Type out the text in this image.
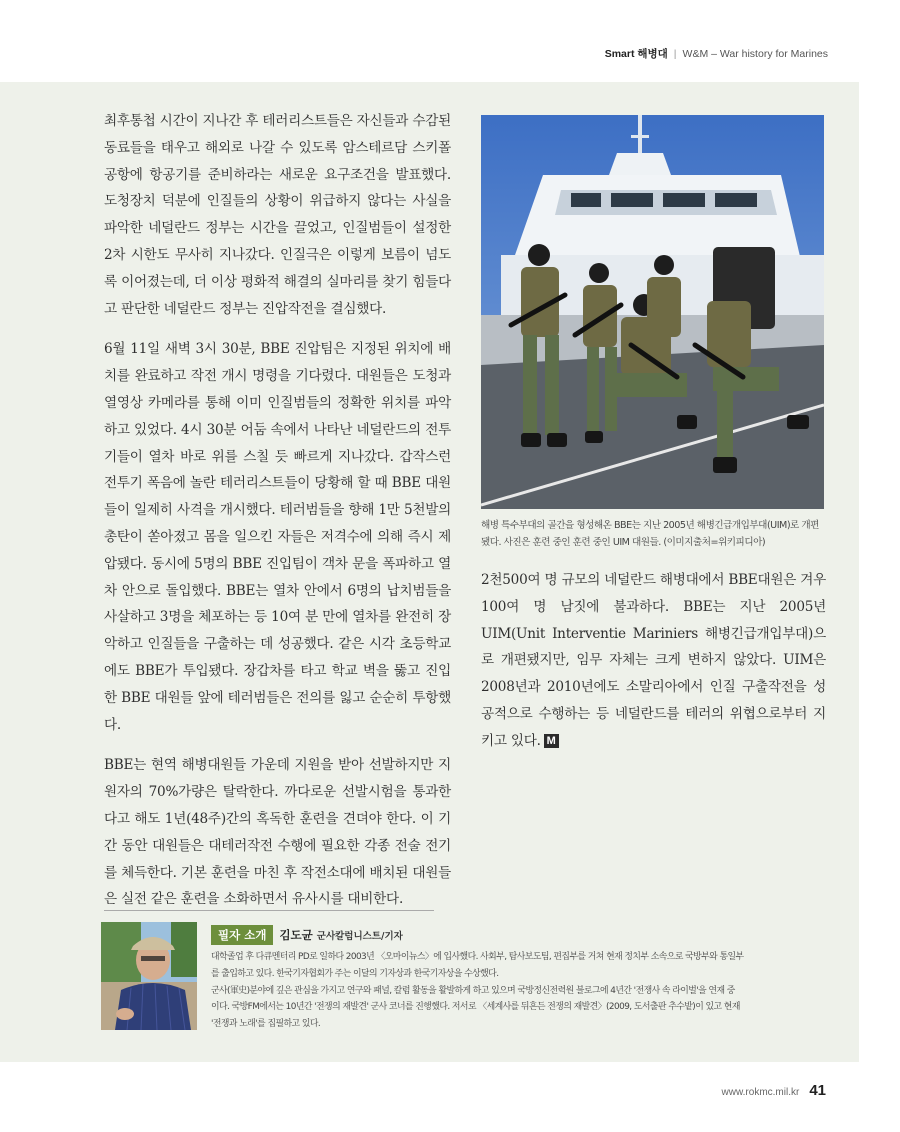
Smart 해병대 | W&M – War history for Marines

최후통첩 시간이 지나간 후 테러리스트들은 자신들과 수감된 동료들을 태우고 해외로 나갈 수 있도록 암스테르담 스키폴 공항에 항공기를 준비하라는 새로운 요구조건을 발표했다. 도청장치 덕분에 인질들의 상황이 위급하지 않다는 사실을 파악한 네덜란드 정부는 시간을 끌었고, 인질범들이 설정한 2차 시한도 무사히 지나갔다. 인질극은 이렇게 보름이 넘도록 이어졌는데, 더 이상 평화적 해결의 실마리를 찾기 힘들다고 판단한 네덜란드 정부는 진압작전을 결심했다.

6월 11일 새벽 3시 30분, BBE 진압팀은 지정된 위치에 배치를 완료하고 작전 개시 명령을 기다렸다. 대원들은 도청과 열영상 카메라를 통해 이미 인질범들의 정확한 위치를 파악하고 있었다. 4시 30분 어둠 속에서 나타난 네덜란드의 전투기들이 열차 바로 위를 스칠 듯 빠르게 지나갔다. 갑작스런 전투기 폭음에 놀란 테러리스트들이 당황해 할 때 BBE 대원들이 일제히 사격을 개시했다. 테러범들을 향해 1만 5천발의 총탄이 쏟아졌고 몸을 일으킨 자들은 저격수에 의해 즉시 제압됐다. 동시에 5명의 BBE 진입팀이 객차 문을 폭파하고 열차 안으로 돌입했다. BBE는 열차 안에서 6명의 납치범들을 사살하고 3명을 체포하는 등 10여 분 만에 열차를 완전히 장악하고 인질들을 구출하는 데 성공했다. 같은 시각 초등학교에도 BBE가 투입됐다. 장갑차를 타고 학교 벽을 뚫고 진입한 BBE 대원들 앞에 테러범들은 전의를 잃고 순순히 투항했다.

BBE는 현역 해병대원들 가운데 지원을 받아 선발하지만 지원자의 70%가량은 탈락한다. 까다로운 선발시험을 통과한다고 해도 1년(48주)간의 혹독한 훈련을 견뎌야 한다. 이 기간 동안 대원들은 대테러작전 수행에 필요한 각종 전술 전기를 체득한다. 기본 훈련을 마친 후 작전소대에 배치된 대원들은 실전 같은 훈련을 소화하면서 유사시를 대비한다.

해병 특수부대의 골간을 형성해온 BBE는 지난 2005년 해병긴급개입부대(UIM)로 개편됐다. 사진은 훈련 중인 훈련 중인 UIM 대원들. (이미지출처=위키피디아)

2천500여 명 규모의 네덜란드 해병대에서 BBE대원은 겨우 100여 명 남짓에 불과하다. BBE는 지난 2005년 UIM(Unit Interventie Mariniers 해병긴급개입부대)으로 개편됐지만, 임무 자체는 크게 변하지 않았다. UIM은 2008년과 2010년에도 소말리아에서 인질 구출작전을 성공적으로 수행하는 등 네덜란드를 테러의 위협으로부터 지키고 있다. M

필자 소개 김도균 군사칼럼니스트/기자
대학졸업 후 다큐멘터리 PD로 일하다 2003년 〈오마이뉴스〉에 입사했다. 사회부, 탐사보도팀, 편집부를 거쳐 현재 정치부 소속으로 국방부와 통일부
를 출입하고 있다. 한국기자협회가 주는 이달의 기자상과 한국기자상을 수상했다.
군사(軍史)분야에 깊은 관심을 가지고 연구와 패널, 칼럼 활동을 활발하게 하고 있으며 국방정신전력원 블로그에 4년간 '전쟁사 속 라이벌'을 연재 중
이다. 국방FM에서는 10년간 '전쟁의 재발견' 군사 코너를 진행했다. 저서로 〈세계사를 뒤흔든 전쟁의 재발견〉(2009, 도서출판 추수밭)이 있고 현재
'전쟁과 노래'를 집필하고 있다.
www.rokmc.mil.kr 41
